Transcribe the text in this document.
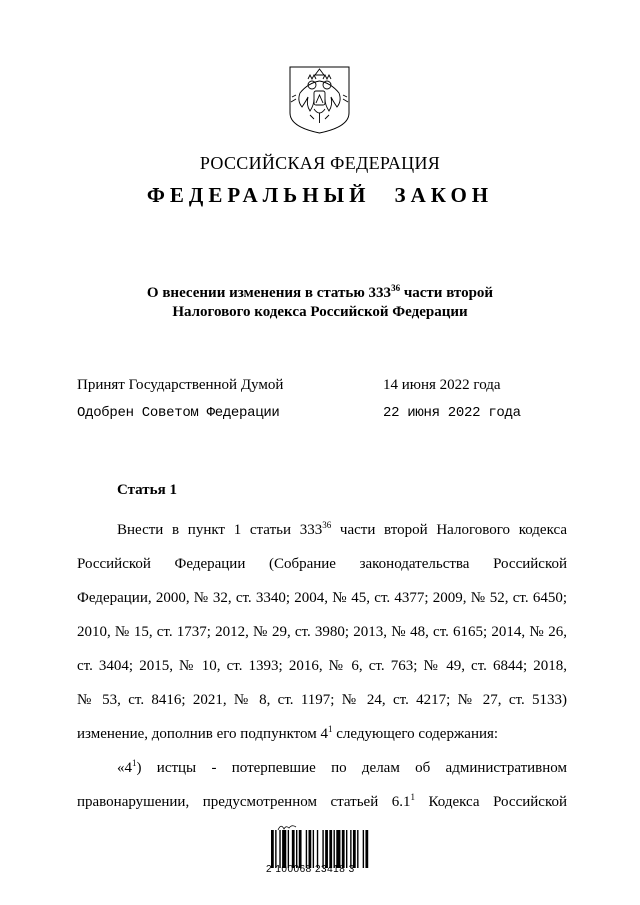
РОССИЙСКАЯ ФЕДЕРАЦИЯ
ФЕДЕРАЛЬНЫЙ ЗАКОН
О внесении изменения в статью $333^{36}$ части второй
Налогового кодекса Российской Федерации
Принят Государственной Думой	14 июня 2022 года
Одобрен Советом Федерации	22 июня 2022 года
Статья 1
Внести в пункт 1 статьи $333^{36}$ части второй Налогового кодекса
Российской Федерации (Собрание законодательства Российской
Федерации, 2000, № 32, ст. 3340; 2004, № 45, ст. 4377; 2009, № 52, ст. 6450;
2010, № 15, ст. 1737; 2012, № 29, ст. 3980; 2013, № 48, ст. 6165; 2014, № 26,
ст. 3404; 2015, № 10, ст. 1393; 2016, № 6, ст. 763; № 49, ст. 6844; 2018,
№ 53, ст. 8416; 2021, № 8, ст. 1197; № 24, ст. 4217; № 27, ст. 5133)
изменение, дополнив его подпунктом $4^1$ следующего содержания:
«$4^1$) истцы - потерпевшие по делам об административном
правонарушении, предусмотренном статьей $6.1^1$ Кодекса Российской
2 100068 23418 3
